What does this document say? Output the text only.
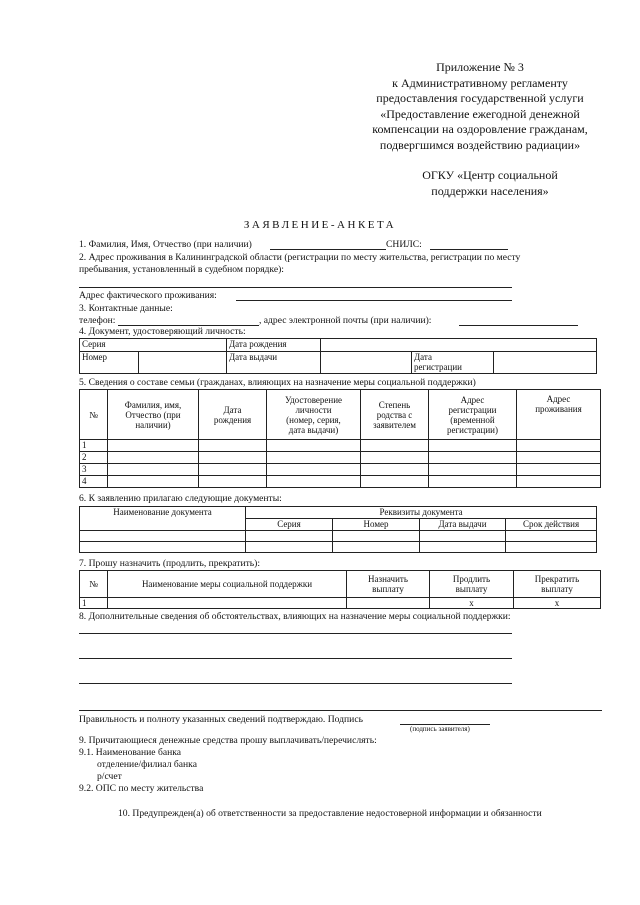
Приложение № 3
к Административному регламенту
предоставления государственной услуги
«Предоставление ежегодной денежной
компенсации на оздоровление гражданам,
подвергшимся воздействию радиации»
ОГКУ «Центр социальной
поддержки населения»
ЗАЯВЛЕНИЕ-АНКЕТА
1. Фамилия, Имя, Отчество (при наличии)	СНИЛС:
2. Адрес проживания в Калининградской области (регистрации по месту жительства, регистрации по месту
пребывания, установленный в судебном порядке):
Адрес фактического проживания:
3. Контактные данные:
телефон:	, адрес электронной почты (при наличии):
4. Документ, удостоверяющий личность:
Серия		Дата рождения			
Номер		Дата выдачи		Дата
регистрации	
5. Сведения о составе семьи (гражданах, влияющих на назначение меры социальной поддержки)
№	Фамилия, имя,
Отчество (при
наличии)	Дата
рождения	Удостоверение
личности
(номер, серия,
дата выдачи)	Степень
родства с
заявителем	Адрес
регистрации
(временной
регистрации)	Адрес
проживания
1						
2						
3						
4						
6. К заявлению прилагаю следующие документы:
Наименование документа	Реквизиты документа			
	Серия	Номер	Дата выдачи	Срок действия

7. Прошу назначить (продлить, прекратить):
№	Наименование меры социальной поддержки	Назначить
выплату	Продлить
выплату	Прекратить
выплату
1			x	x
8. Дополнительные сведения об обстоятельствах, влияющих на назначение меры социальной поддержки:
Правильность и полноту указанных сведений подтверждаю. Подпись
(подпись заявителя)
9. Причитающиеся денежные средства прошу выплачивать/перечислять:
9.1. Наименование банка
отделение/филиал банка
р/счет
9.2. ОПС по месту жительства
10. Предупрежден(а) об ответственности за предоставление недостоверной информации и обязанности
